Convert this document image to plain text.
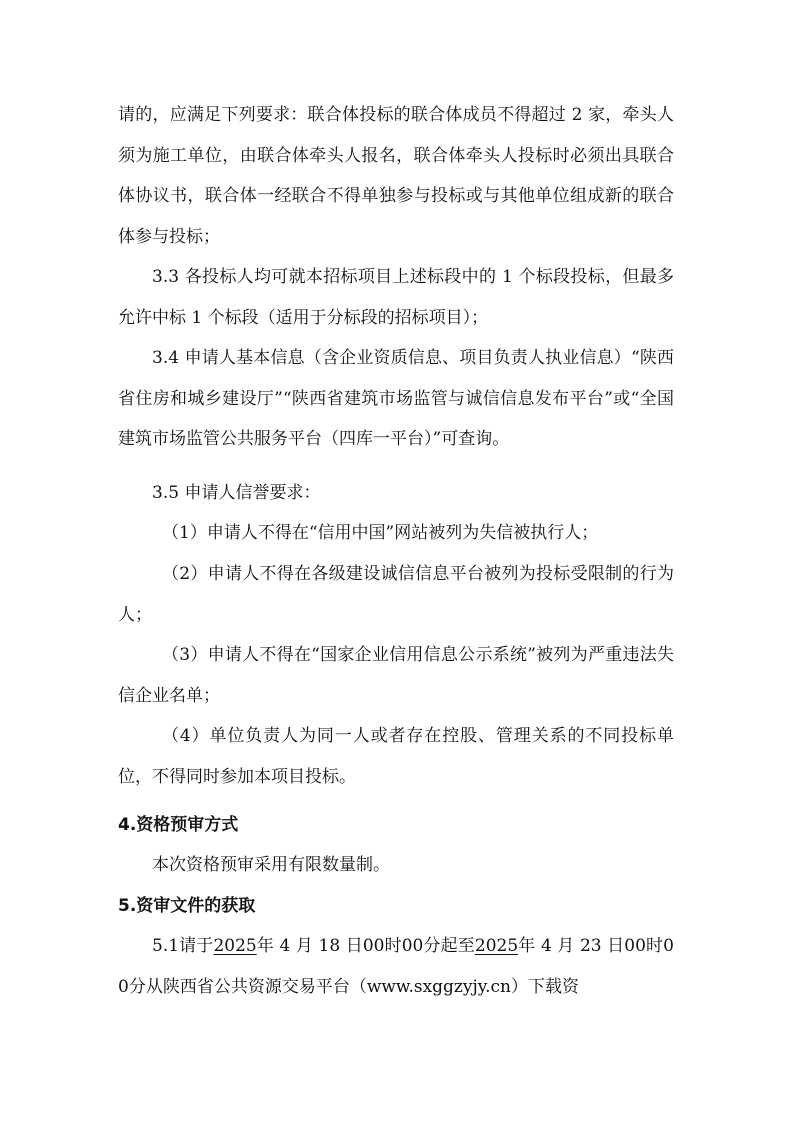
请的，应满足下列要求：联合体投标的联合体成员不得超过 2 家，牵头人须为施工单位，由联合体牵头人报名，联合体牵头人投标时必须出具联合体协议书，联合体一经联合不得单独参与投标或与其他单位组成新的联合体参与投标；

3.3 各投标人均可就本招标项目上述标段中的 1 个标段投标，但最多允许中标 1 个标段（适用于分标段的招标项目）；

3.4 申请人基本信息（含企业资质信息、项目负责人执业信息）“陕西省住房和城乡建设厅”“陕西省建筑市场监管与诚信信息发布平台”或“全国建筑市场监管公共服务平台（四库一平台）”可查询。

3.5 申请人信誉要求：

（1）申请人不得在“信用中国”网站被列为失信被执行人；

（2）申请人不得在各级建设诚信信息平台被列为投标受限制的行为人；

（3）申请人不得在“国家企业信用信息公示系统”被列为严重违法失信企业名单；

（4）单位负责人为同一人或者存在控股、管理关系的不同投标单位，不得同时参加本项目投标。

4.资格预审方式

本次资格预审采用有限数量制。

5.资审文件的获取

5.1请于2025年 4 月 18 日00时00分起至2025年 4 月 23 日00时00分从陕西省公共资源交易平台（www.sxggzyjy.cn）下载资
